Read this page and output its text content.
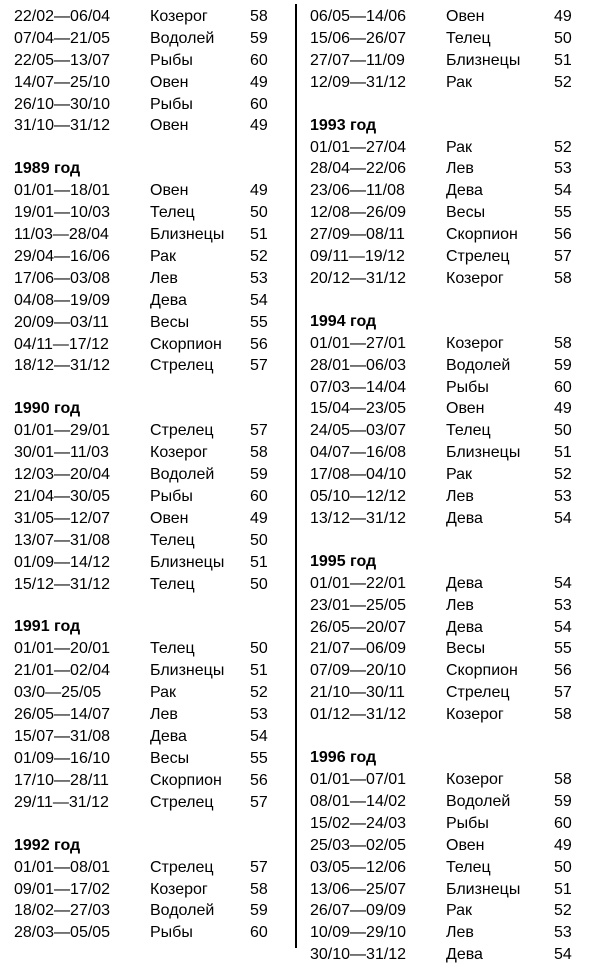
22/02—06/04	Козерог	58
07/04—21/05	Водолей	59
22/05—13/07	Рыбы	60
14/07—25/10	Овен	49
26/10—30/10	Рыбы	60
31/10—31/12	Овен	49
1989 год
01/01—18/01	Овен	49
19/01—10/03	Телец	50
11/03—28/04	Близнецы	51
29/04—16/06	Рак	52
17/06—03/08	Лев	53
04/08—19/09	Дева	54
20/09—03/11	Весы	55
04/11—17/12	Скорпион	56
18/12—31/12	Стрелец	57
1990 год
01/01—29/01	Стрелец	57
30/01—11/03	Козерог	58
12/03—20/04	Водолей	59
21/04—30/05	Рыбы	60
31/05—12/07	Овен	49
13/07—31/08	Телец	50
01/09—14/12	Близнецы	51
15/12—31/12	Телец	50
1991 год
01/01—20/01	Телец	50
21/01—02/04	Близнецы	51
03/0—25/05	Рак	52
26/05—14/07	Лев	53
15/07—31/08	Дева	54
01/09—16/10	Весы	55
17/10—28/11	Скорпион	56
29/11—31/12	Стрелец	57
1992 год
01/01—08/01	Стрелец	57
09/01—17/02	Козерог	58
18/02—27/03	Водолей	59
28/03—05/05	Рыбы	60
06/05—14/06	Овен	49
15/06—26/07	Телец	50
27/07—11/09	Близнецы	51
12/09—31/12	Рак	52
1993 год
01/01—27/04	Рак	52
28/04—22/06	Лев	53
23/06—11/08	Дева	54
12/08—26/09	Весы	55
27/09—08/11	Скорпион	56
09/11—19/12	Стрелец	57
20/12—31/12	Козерог	58
1994 год
01/01—27/01	Козерог	58
28/01—06/03	Водолей	59
07/03—14/04	Рыбы	60
15/04—23/05	Овен	49
24/05—03/07	Телец	50
04/07—16/08	Близнецы	51
17/08—04/10	Рак	52
05/10—12/12	Лев	53
13/12—31/12	Дева	54
1995 год
01/01—22/01	Дева	54
23/01—25/05	Лев	53
26/05—20/07	Дева	54
21/07—06/09	Весы	55
07/09—20/10	Скорпион	56
21/10—30/11	Стрелец	57
01/12—31/12	Козерог	58
1996 год
01/01—07/01	Козерог	58
08/01—14/02	Водолей	59
15/02—24/03	Рыбы	60
25/03—02/05	Овен	49
03/05—12/06	Телец	50
13/06—25/07	Близнецы	51
26/07—09/09	Рак	52
10/09—29/10	Лев	53
30/10—31/12	Дева	54
